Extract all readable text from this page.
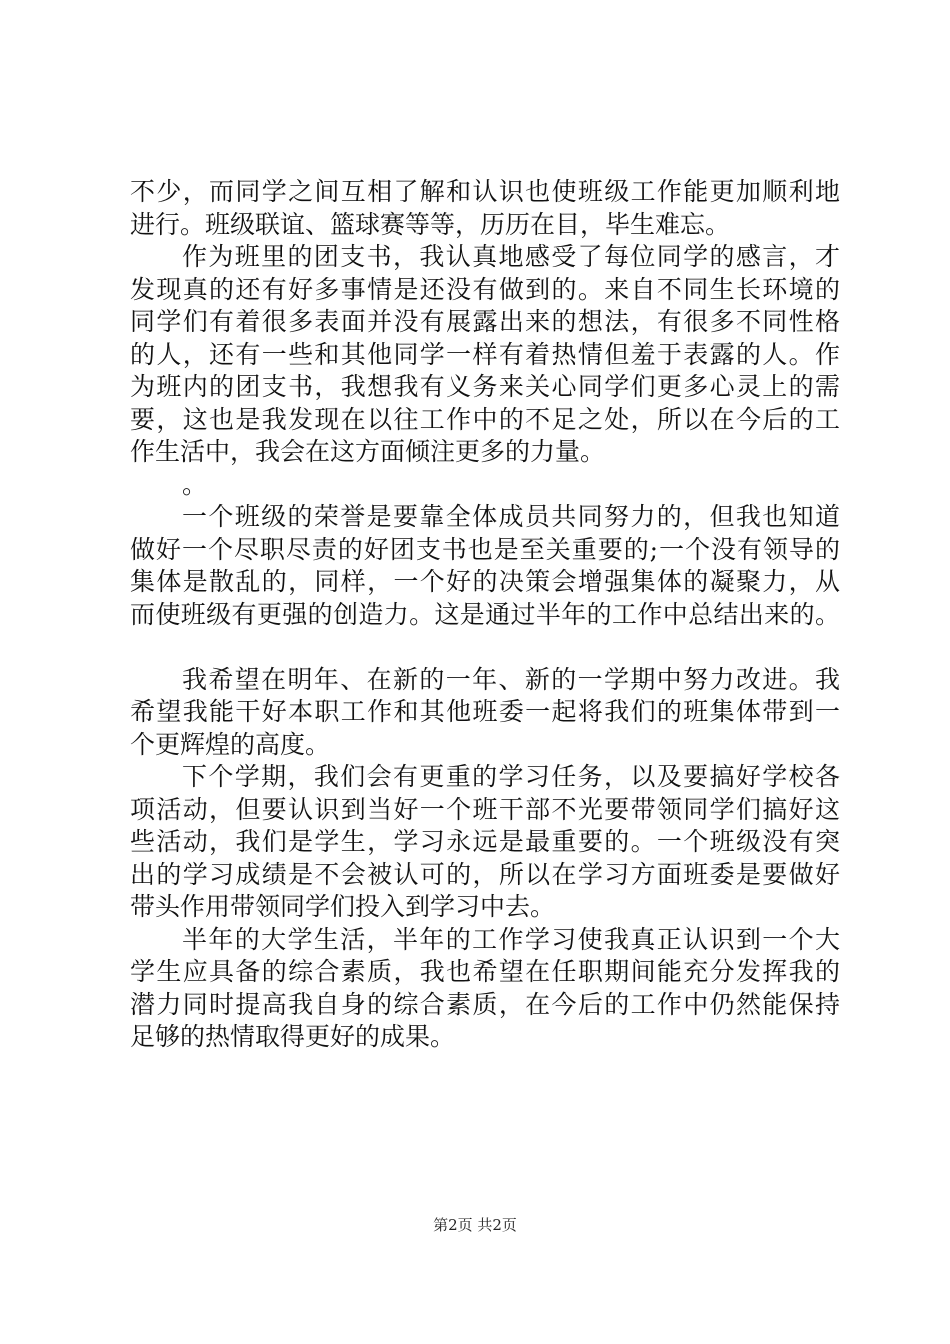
不少，而同学之间互相了解和认识也使班级工作能更加顺利地
进行。班级联谊、篮球赛等等，历历在目，毕生难忘。
作为班里的团支书，我认真地感受了每位同学的感言，才
发现真的还有好多事情是还没有做到的。来自不同生长环境的
同学们有着很多表面并没有展露出来的想法，有很多不同性格
的人，还有一些和其他同学一样有着热情但羞于表露的人。作
为班内的团支书，我想我有义务来关心同学们更多心灵上的需
要，这也是我发现在以往工作中的不足之处，所以在今后的工
作生活中，我会在这方面倾注更多的力量。
。
一个班级的荣誉是要靠全体成员共同努力的，但我也知道
做好一个尽职尽责的好团支书也是至关重要的;一个没有领导的
集体是散乱的，同样，一个好的决策会增强集体的凝聚力，从
而使班级有更强的创造力。这是通过半年的工作中总结出来的。
我希望在明年、在新的一年、新的一学期中努力改进。我
希望我能干好本职工作和其他班委一起将我们的班集体带到一
个更辉煌的高度。
下个学期，我们会有更重的学习任务，以及要搞好学校各
项活动，但要认识到当好一个班干部不光要带领同学们搞好这
些活动，我们是学生，学习永远是最重要的。一个班级没有突
出的学习成绩是不会被认可的，所以在学习方面班委是要做好
带头作用带领同学们投入到学习中去。
半年的大学生活，半年的工作学习使我真正认识到一个大
学生应具备的综合素质，我也希望在任职期间能充分发挥我的
潜力同时提高我自身的综合素质，在今后的工作中仍然能保持
足够的热情取得更好的成果。
第2页 共2页
